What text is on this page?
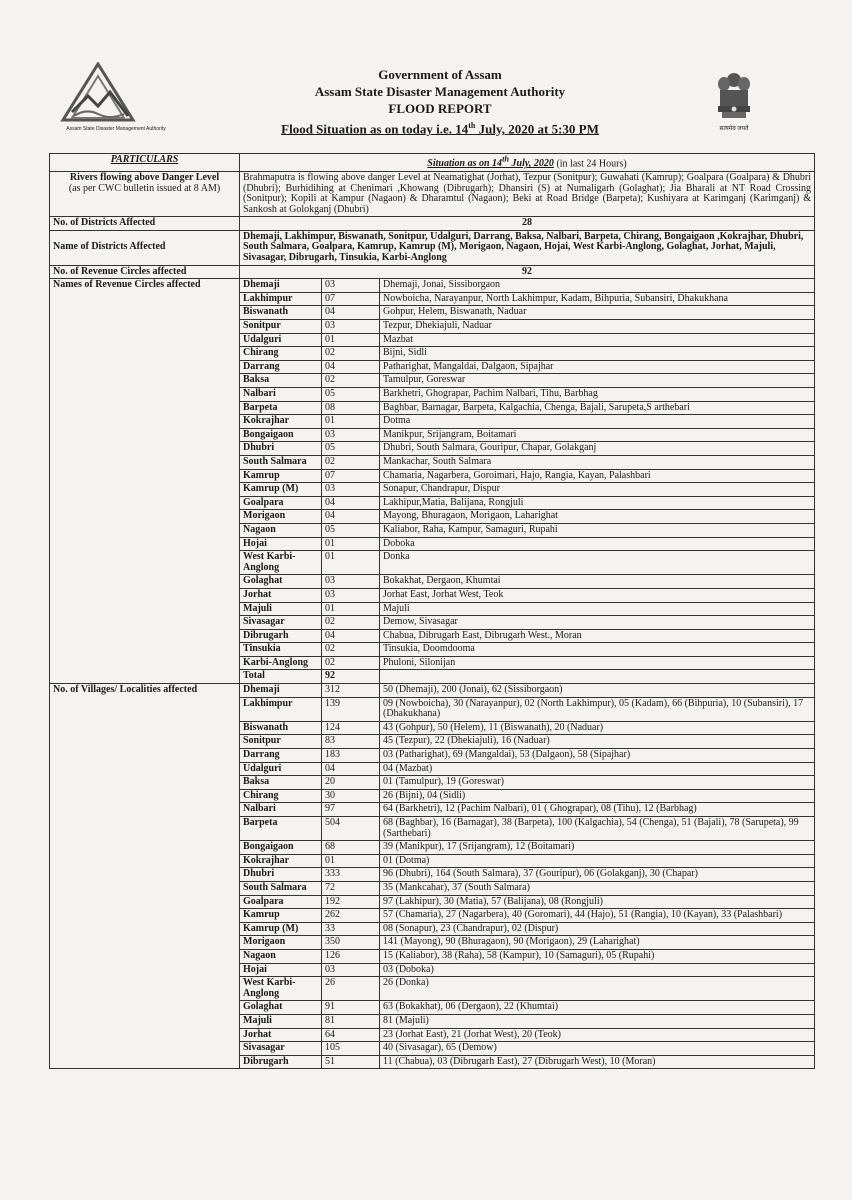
Assam State Disaster Management Authority
Government of Assam
Assam State Disaster Management Authority
FLOOD REPORT
Flood Situation as on today i.e. 14th July, 2020 at 5:30 PM	सत्यमेव जयते
PARTICULARS	Situation as on 14th July, 2020 (in last 24 Hours)		

Rivers flowing above Danger Level
(as per CWC bulletin issued at 8 AM)	Brahmaputra is flowing above danger Level at Neamatighat (Jorhat), Tezpur (Sonitpur); Guwahati (Kamrup); Goalpara (Goalpara) & Dhubri (Dhubri); Burhidihing at Chenimari ,Khowang (Dibrugarh); Dhansiri (S) at Numaligarh (Golaghat); Jia Bharali at NT Road Crossing (Sonitpur); Kopili at Kampur (Nagaon) & Dharamtul (Nagaon); Beki at Road Bridge (Barpeta); Kushiyara at Karimganj (Karimganj) & Sankosh at Golokganj (Dhubri)		
No. of Districts Affected	28		
Name of Districts Affected	Dhemaji, Lakhimpur, Biswanath, Sonitpur, Udalguri, Darrang, Baksa, Nalbari, Barpeta, Chirang, Bongaigaon ,Kokrajhar, Dhubri, South Salmara, Goalpara, Kamrup, Kamrup (M), Morigaon, Nagaon, Hojai, West Karbi-Anglong, Golaghat, Jorhat, Majuli, Sivasagar, Dibrugarh, Tinsukia, Karbi-Anglong		
No. of Revenue Circles affected	92		
Names of Revenue Circles affected	Dhemaji	03	Dhemaji, Jonai, Sissiborgaon
	Lakhimpur	07	Nowboicha, Narayanpur, North Lakhimpur, Kadam, Bihpuria, Subansiri, Dhakukhana
	Biswanath	04	Gohpur, Helem, Biswanath, Naduar
	Sonitpur	03	Tezpur, Dhekiajuli, Naduar
	Udalguri	01	Mazbat
	Chirang	02	Bijni, Sidli
	Darrang	04	Patharighat, Mangaldai, Dalgaon, Sipajhar
	Baksa	02	Tamulpur, Goreswar
	Nalbari	05	Barkhetri, Ghograpar, Pachim Nalbari, Tihu, Barbhag
	Barpeta	08	Baghbar, Barnagar, Barpeta, Kalgachia, Chenga, Bajali, Sarupeta,S arthebari
	Kokrajhar	01	Dotma
	Bongaigaon	03	Manikpur, Srijangram, Boitamari
	Dhubri	05	Dhubri, South Salmara, Gouripur, Chapar, Golakganj
	South Salmara	02	Mankachar, South Salmara
	Kamrup	07	Chamaria, Nagarbera, Goroimari, Hajo, Rangia, Kayan, Palashbari
	Kamrup (M)	03	Sonapur, Chandrapur, Dispur
	Goalpara	04	Lakhipur,Matia, Balijana, Rongjuli
	Morigaon	04	Mayong, Bhuragaon, Morigaon, Laharighat
	Nagaon	05	Kaliabor, Raha, Kampur, Samaguri, Rupahi
	Hojai	01	Doboka
	West Karbi-Anglong	01	Donka
	Golaghat	03	Bokakhat, Dergaon, Khumtai
	Jorhat	03	Jorhat East, Jorhat West, Teok
	Majuli	01	Majuli
	Sivasagar	02	Demow, Sivasagar
	Dibrugarh	04	Chabua, Dibrugarh East, Dibrugarh West., Moran
	Tinsukia	02	Tinsukia, Doomdooma
	Karbi-Anglong	02	Phuloni, Silonijan
	Total	92	
No. of Villages/ Localities affected	Dhemaji	312	50 (Dhemaji), 200 (Jonai), 62 (Sissiborgaon)
	Lakhimpur	139	09 (Nowboicha), 30 (Narayanpur), 02 (North Lakhimpur), 05 (Kadam), 66 (Bihpuria), 10 (Subansiri), 17 (Dhakukhana)
	Biswanath	124	43 (Gohpur), 50 (Helem), 11 (Biswanath), 20 (Naduar)
	Sonitpur	83	45 (Tezpur), 22 (Dhekiajuli), 16 (Naduar)
	Darrang	183	03 (Patharighat), 69 (Mangaldai), 53 (Dalgaon), 58 (Sipajhar)
	Udalguri	04	04 (Mazbat)
	Baksa	20	01 (Tamulpur), 19 (Goreswar)
	Chirang	30	26 (Bijni), 04 (Sidli)
	Nalbari	97	64 (Barkhetri), 12 (Pachim Nalbari), 01 ( Ghograpar), 08 (Tihu), 12 (Barbhag)
	Barpeta	504	68 (Baghbar), 16 (Barnagar), 38 (Barpeta), 100 (Kalgachia), 54 (Chenga), 51 (Bajali), 78 (Sarupeta), 99 (Sarthebari)
	Bongaigaon	68	39 (Manikpur), 17 (Srijangram), 12 (Boitamari)
	Kokrajhar	01	01 (Dotma)
	Dhubri	333	96 (Dhubri), 164 (South Salmara), 37 (Gouripur), 06 (Golakganj), 30 (Chapar)
	South Salmara	72	35 (Mankcahar), 37 (South Salmara)
	Goalpara	192	97 (Lakhipur), 30 (Matia), 57 (Balijana), 08 (Rongjuli)
	Kamrup	262	57 (Chamaria), 27 (Nagarbera), 40 (Goromari), 44 (Hajo), 51 (Rangia), 10 (Kayan), 33 (Palashbari)
	Kamrup (M)	33	08 (Sonapur), 23 (Chandrapur), 02 (Dispur)
	Morigaon	350	141 (Mayong), 90 (Bhuragaon), 90 (Morigaon), 29 (Laharighat)
	Nagaon	126	15 (Kaliabor), 38 (Raha), 58 (Kampur), 10 (Samaguri), 05 (Rupahi)
	Hojai	03	03 (Doboka)
	West Karbi-Anglong	26	26 (Donka)
	Golaghat	91	63 (Bokakhat), 06 (Dergaon), 22 (Khumtai)
	Majuli	81	81 (Majuli)
	Jorhat	64	23 (Jorhat East), 21 (Jorhat West), 20 (Teok)
	Sivasagar	105	40 (Sivasagar), 65 (Demow)
	Dibrugarh	51	11 (Chabua), 03 (Dibrugarh East), 27 (Dibrugarh West), 10 (Moran)
